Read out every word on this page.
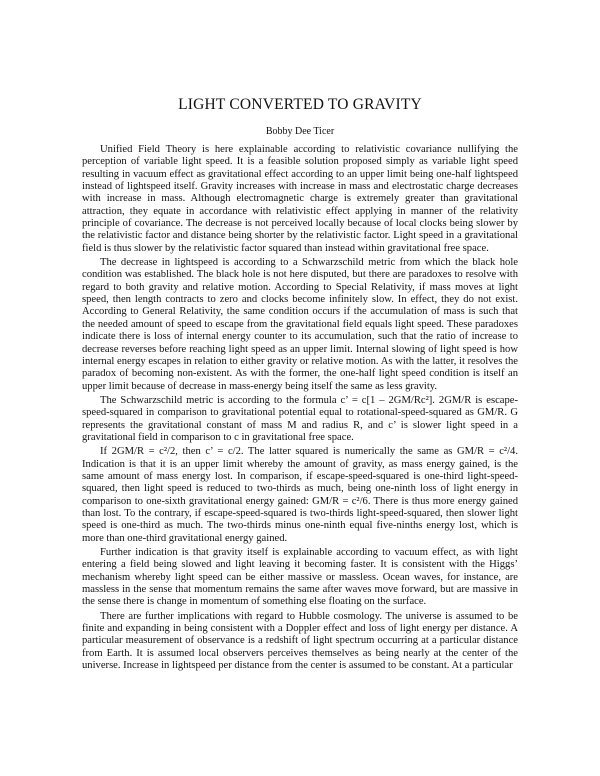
LIGHT CONVERTED TO GRAVITY
Bobby Dee Ticer

Unified Field Theory is here explainable according to relativistic covariance nullifying the perception of variable light speed. It is a feasible solution proposed simply as variable light speed resulting in vacuum effect as gravitational effect according to an upper limit being one-half lightspeed instead of lightspeed itself. Gravity increases with increase in mass and electrostatic charge decreases with increase in mass. Although electromagnetic charge is extremely greater than gravitational attraction, they equate in accordance with relativistic effect applying in manner of the relativity principle of covariance. The decrease is not perceived locally because of local clocks being slower by the relativistic factor and distance being shorter by the relativistic factor. Light speed in a gravitational field is thus slower by the relativistic factor squared than instead within gravitational free space.

The decrease in lightspeed is according to a Schwarzschild metric from which the black hole condition was established. The black hole is not here disputed, but there are paradoxes to resolve with regard to both gravity and relative motion. According to Special Relativity, if mass moves at light speed, then length contracts to zero and clocks become infinitely slow. In effect, they do not exist. According to General Relativity, the same condition occurs if the accumulation of mass is such that the needed amount of speed to escape from the gravitational field equals light speed. These paradoxes indicate there is loss of internal energy counter to its accumulation, such that the ratio of increase to decrease reverses before reaching light speed as an upper limit. Internal slowing of light speed is how internal energy escapes in relation to either gravity or relative motion. As with the latter, it resolves the paradox of becoming non-existent. As with the former, the one-half light speed condition is itself an upper limit because of decrease in mass-energy being itself the same as less gravity.

The Schwarzschild metric is according to the formula c’ = c[1 – 2GM/Rc²]. 2GM/R is escape-speed-squared in comparison to gravitational potential equal to rotational-speed-squared as GM/R. G represents the gravitational constant of mass M and radius R, and c’ is slower light speed in a gravitational field in comparison to c in gravitational free space.

If 2GM/R = c²/2, then c’ = c/2. The latter squared is numerically the same as GM/R = c²/4. Indication is that it is an upper limit whereby the amount of gravity, as mass energy gained, is the same amount of mass energy lost. In comparison, if escape-speed-squared is one-third light-speed-squared, then light speed is reduced to two-thirds as much, being one-ninth loss of light energy in comparison to one-sixth gravitational energy gained: GM/R = c²/6. There is thus more energy gained than lost. To the contrary, if escape-speed-squared is two-thirds light-speed-squared, then slower light speed is one-third as much. The two-thirds minus one-ninth equal five-ninths energy lost, which is more than one-third gravitational energy gained.

Further indication is that gravity itself is explainable according to vacuum effect, as with light entering a field being slowed and light leaving it becoming faster. It is consistent with the Higgs’ mechanism whereby light speed can be either massive or massless. Ocean waves, for instance, are massless in the sense that momentum remains the same after waves move forward, but are massive in the sense there is change in momentum of something else floating on the surface.

There are further implications with regard to Hubble cosmology. The universe is assumed to be finite and expanding in being consistent with a Doppler effect and loss of light energy per distance. A particular measurement of observance is a redshift of light spectrum occurring at a particular distance from Earth. It is assumed local observers perceives themselves as being nearly at the center of the universe. Increase in lightspeed per distance from the center is assumed to be constant. At a particular
